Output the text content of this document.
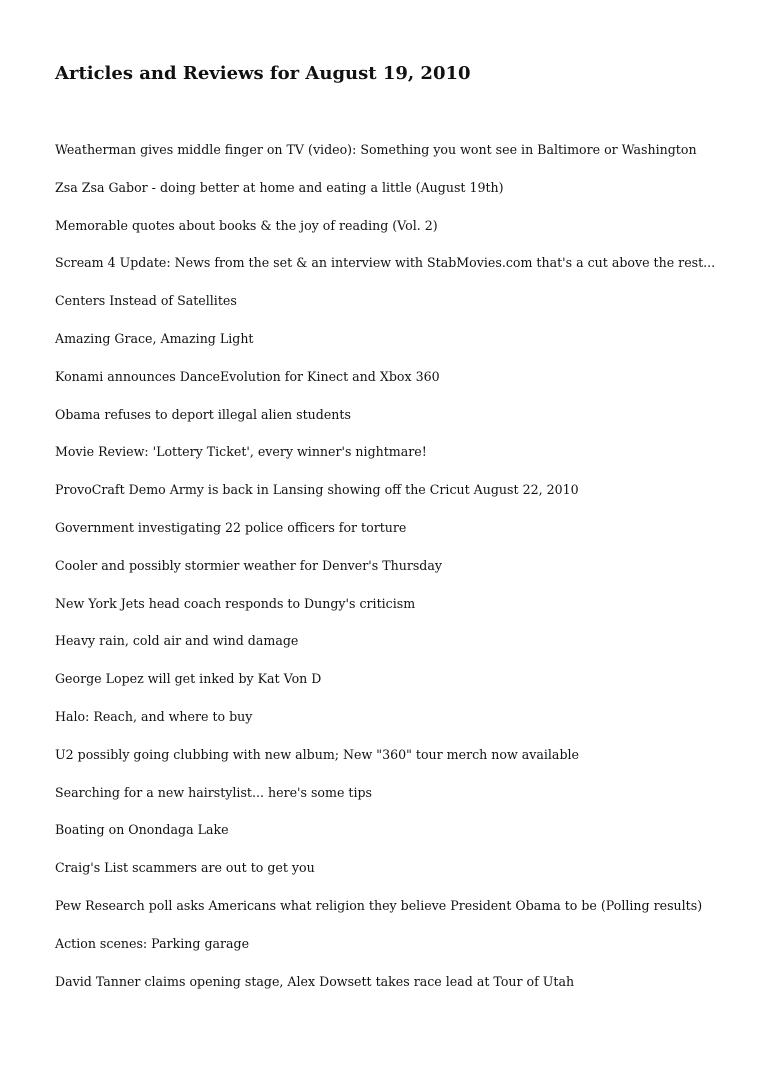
Articles and Reviews for August 19, 2010
Weatherman gives middle finger on TV (video): Something you wont see in Baltimore or Washington
Zsa Zsa Gabor - doing better at home and eating a little (August 19th)
Memorable quotes about books & the joy of reading (Vol. 2)
Scream 4 Update: News from the set & an interview with StabMovies.com that's a cut above the rest...
Centers Instead of Satellites
Amazing Grace, Amazing Light
Konami announces DanceEvolution for Kinect and Xbox 360
Obama refuses to deport illegal alien students
Movie Review: 'Lottery Ticket', every winner's nightmare!
ProvoCraft Demo Army is back in Lansing showing off the Cricut August 22, 2010
Government investigating 22 police officers for torture
Cooler and possibly stormier weather for Denver's Thursday
New York Jets head coach responds to Dungy's criticism
Heavy rain, cold air and wind damage
George Lopez will get inked by Kat Von D
Halo: Reach, and where to buy
U2 possibly going clubbing with new album; New "360" tour merch now available
Searching for a new hairstylist... here's some tips
Boating on Onondaga Lake
Craig's List scammers are out to get you
Pew Research poll asks Americans what religion they believe President Obama to be (Polling results)
Action scenes: Parking garage
David Tanner claims opening stage, Alex Dowsett takes race lead at Tour of Utah
